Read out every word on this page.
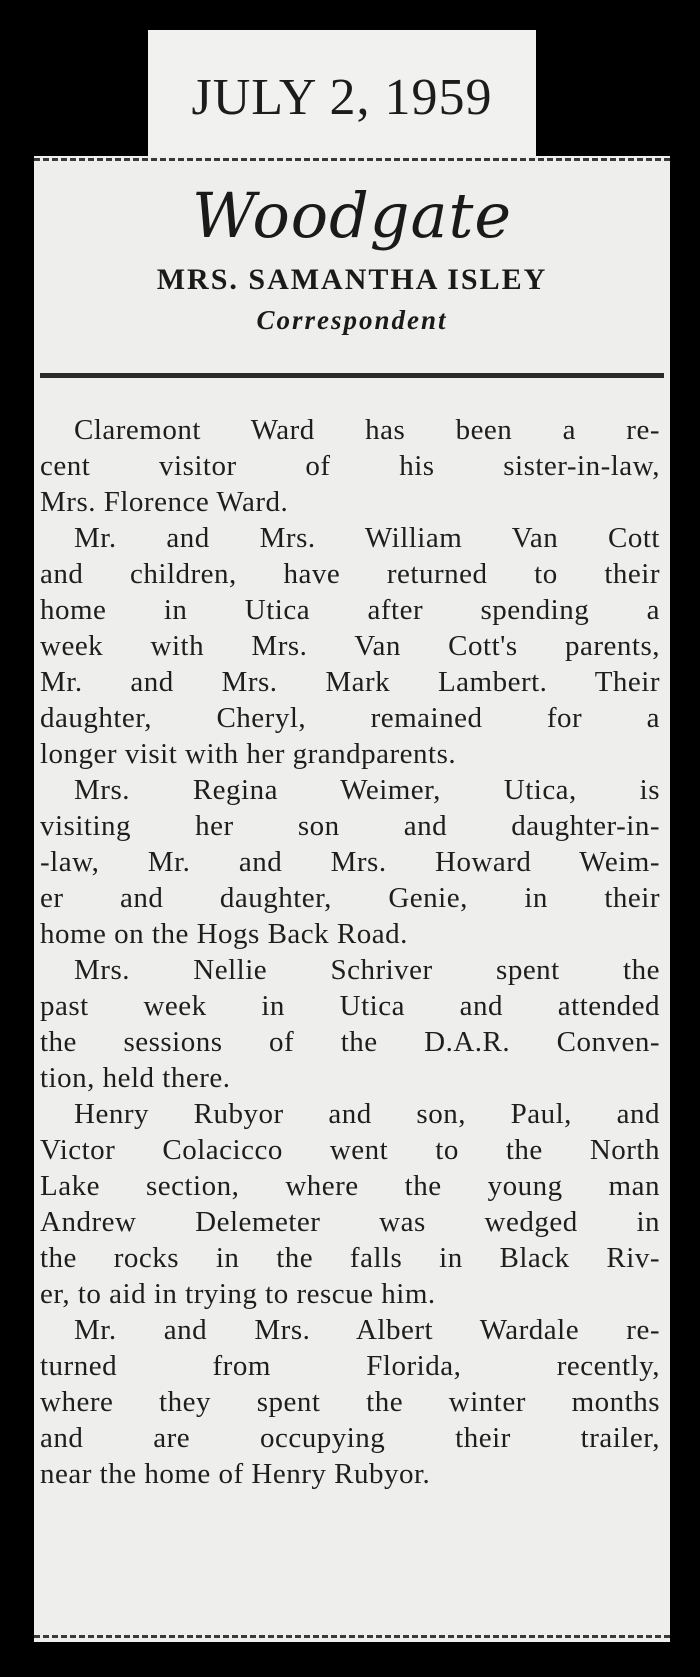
JULY 2, 1959
Woodgate
MRS. SAMANTHA ISLEY
Correspondent

Claremont Ward has been a re-
cent visitor of his sister-in-law,
Mrs. Florence Ward.

Mr. and Mrs. William Van Cott
and children, have returned to their
home in Utica after spending a
week with Mrs. Van Cott's parents,
Mr. and Mrs. Mark Lambert. Their
daughter, Cheryl, remained for a
longer visit with her grandparents.

Mrs. Regina Weimer, Utica, is
visiting her son and daughter-in-
-law, Mr. and Mrs. Howard Weim-
er and daughter, Genie, in their
home on the Hogs Back Road.

Mrs. Nellie Schriver spent the
past week in Utica and attended
the sessions of the D.A.R. Conven-
tion, held there.

Henry Rubyor and son, Paul, and
Victor Colacicco went to the North
Lake section, where the young man
Andrew Delemeter was wedged in
the rocks in the falls in Black Riv-
er, to aid in trying to rescue him.

Mr. and Mrs. Albert Wardale re-
turned from Florida, recently,
where they spent the winter months
and are occupying their trailer,
near the home of Henry Rubyor.
